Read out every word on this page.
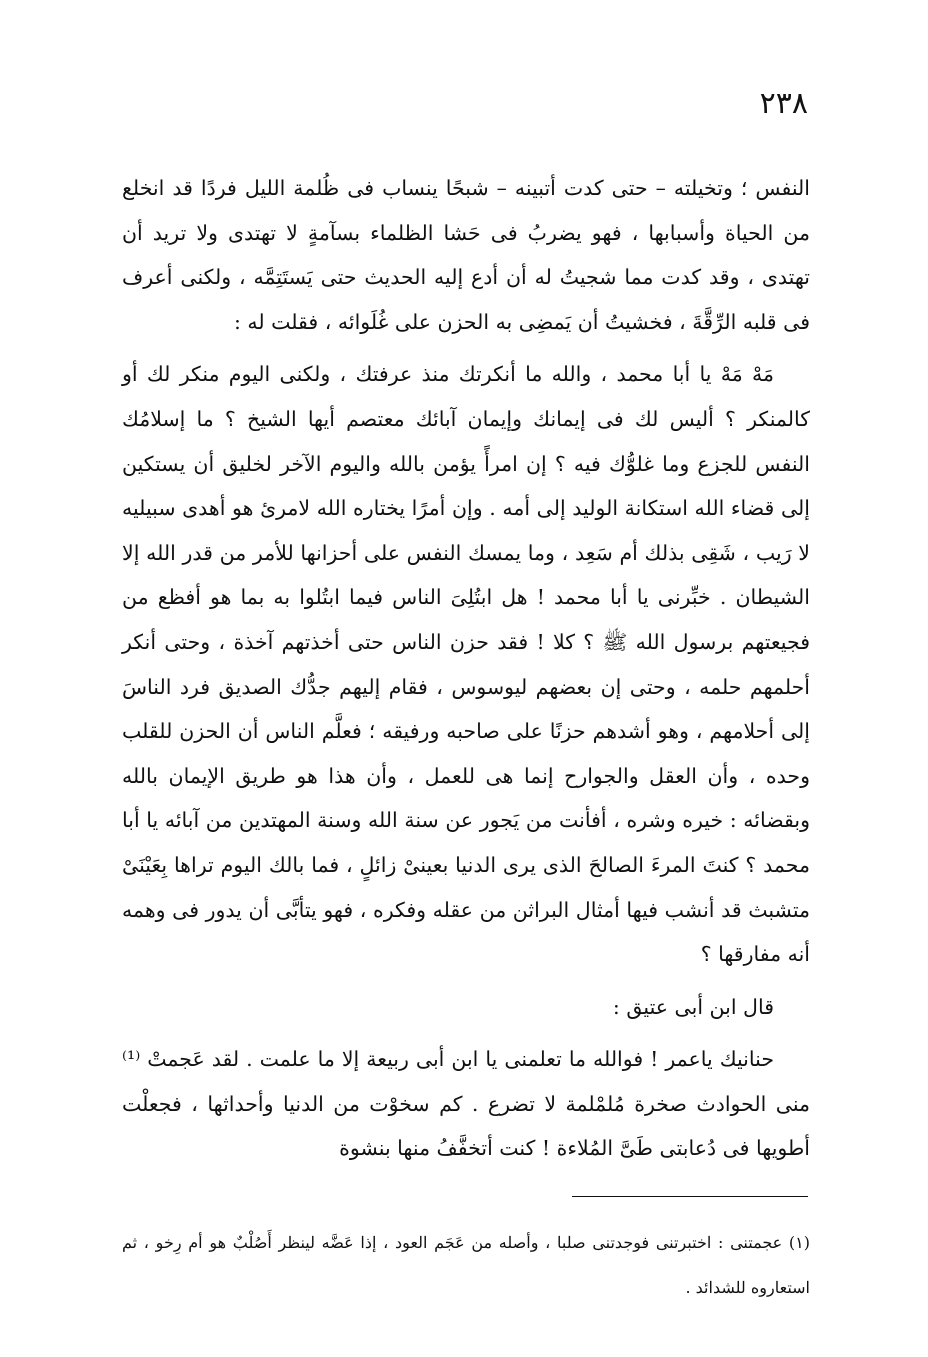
٢٣٨

النفس ؛ وتخيلته – حتى كدت أتبينه – شبحًا ينساب فى ظُلمة الليل فردًا قد انخلع من الحياة وأسبابها ، فهو يضربُ فى حَشا الظلماء بسآمةٍ لا تهتدى ولا تريد أن تهتدى ، وقد كدت مما شجيتُ له أن أدع إليه الحديث حتى يَستَتِمَّه ، ولكنى أعرف فى قلبه الرِّقَّةَ ، فخشيتُ أن يَمضِى به الحزن على غُلَوائه ، فقلت له :

مَهْ مَهْ يا أبا محمد ، والله ما أنكرتك منذ عرفتك ، ولكنى اليوم منكر لك أو كالمنكر ؟ أليس لك فى إيمانك وإيمان آبائك معتصم أيها الشيخ ؟ ما إسلامُك النفس للجزع وما غلوُّك فيه ؟ إن امرأً يؤمن بالله واليوم الآخر لخليق أن يستكين إلى قضاء الله استكانة الوليد إلى أمه . وإن أمرًا يختاره الله لامرئ هو أهدى سبيليه لا رَيب ، شَقِى بذلك أم سَعِد ، وما يمسك النفس على أحزانها للأمر من قدر الله إلا الشيطان . خبِّرنى يا أبا محمد ! هل ابتُلِىَ الناس فيما ابتُلوا به بما هو أفظع من فجيعتهم برسول الله ﷺ ؟ كلا ! فقد حزن الناس حتى أخذتهم آخذة ، وحتى أنكر أحلمهم حلمه ، وحتى إن بعضهم ليوسوس ، فقام إليهم جدُّك الصديق فرد الناسَ إلى أحلامهم ، وهو أشدهم حزنًا على صاحبه ورفيقه ؛ فعلَّم الناس أن الحزن للقلب وحده ، وأن العقل والجوارح إنما هى للعمل ، وأن هذا هو طريق الإيمان بالله وبقضائه : خيره وشره ، أفأنت من يَجور عن سنة الله وسنة المهتدين من آبائه يا أبا محمد ؟ كنتَ المرءَ الصالحَ الذى يرى الدنيا بعينىْ زائلٍ ، فما بالك اليوم تراها بِعَيْنَىْ متشبث قد أنشب فيها أمثال البراثن من عقله وفكره ، فهو يتأبَّى أن يدور فى وهمه أنه مفارقها ؟

قال ابن أبى عتيق :

حنانيك ياعمر ! فوالله ما تعلمنى يا ابن أبى ربيعة إلا ما علمت . لقد عَجمتْ ⁽¹⁾ منى الحوادث صخرة مُلمْلمة لا تضرع . كم سخوْت من الدنيا وأحداثها ، فجعلْت أطويها فى دُعابتى طَىَّ المُلاءة ! كنت أتخفَّفُ منها بنشوة

(١) عجمتنى : اختبرتنى فوجدتنى صلبا ، وأصله من عَجَم العود ، إذا عَضَّه لينظر أَصُلْبٌ هو أم رِخو ، ثم استعاروه للشدائد .
